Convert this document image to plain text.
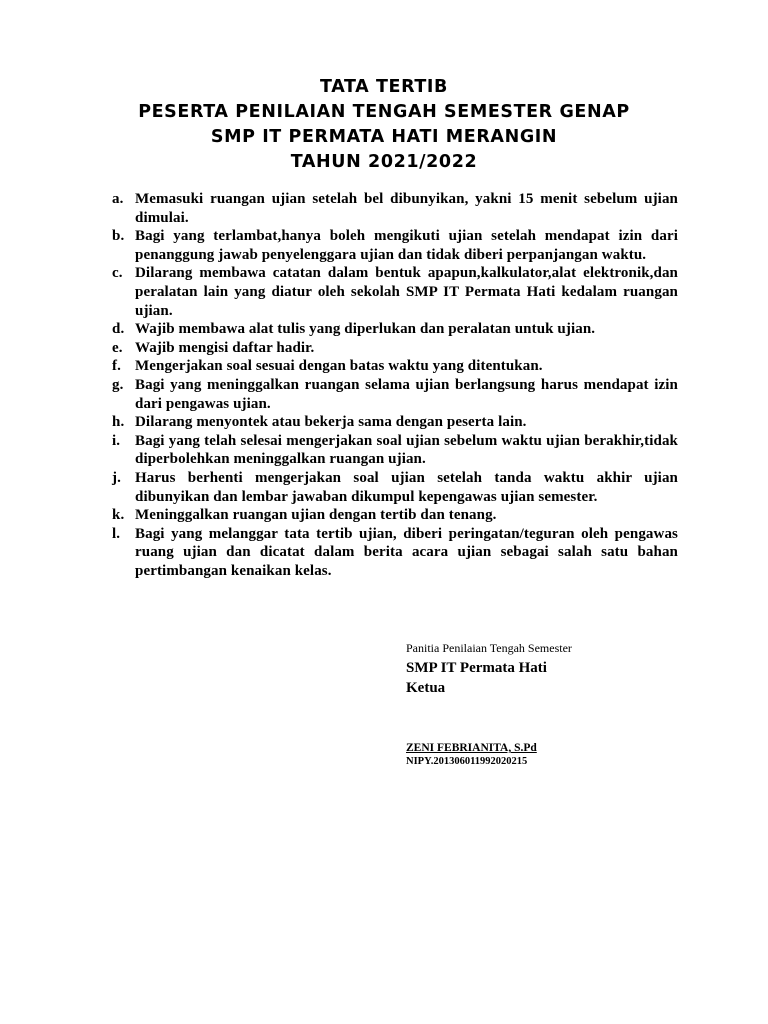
TATA TERTIB
PESERTA PENILAIAN TENGAH SEMESTER GENAP
SMP IT PERMATA HATI MERANGIN
TAHUN 2021/2022
a. Memasuki ruangan ujian setelah bel dibunyikan, yakni 15 menit sebelum ujian dimulai.
b. Bagi yang terlambat,hanya boleh mengikuti ujian setelah mendapat izin dari penanggung jawab penyelenggara ujian dan tidak diberi perpanjangan waktu.
c. Dilarang membawa catatan dalam bentuk apapun,kalkulator,alat elektronik,dan peralatan lain yang diatur oleh sekolah SMP IT Permata Hati kedalam ruangan ujian.
d. Wajib membawa alat tulis yang diperlukan dan peralatan untuk ujian.
e. Wajib mengisi daftar hadir.
f. Mengerjakan soal sesuai dengan batas waktu yang ditentukan.
g. Bagi yang meninggalkan ruangan selama ujian berlangsung harus mendapat izin dari pengawas ujian.
h. Dilarang menyontek atau bekerja sama dengan peserta lain.
i. Bagi yang telah selesai mengerjakan soal ujian sebelum waktu ujian berakhir,tidak diperbolehkan meninggalkan ruangan ujian.
j. Harus berhenti mengerjakan soal ujian setelah tanda waktu akhir ujian dibunyikan dan lembar jawaban dikumpul kepengawas ujian semester.
k. Meninggalkan ruangan ujian dengan tertib dan tenang.
l. Bagi yang melanggar tata tertib ujian, diberi peringatan/teguran oleh pengawas ruang ujian dan dicatat dalam berita acara ujian sebagai salah satu bahan pertimbangan kenaikan kelas.
Panitia Penilaian Tengah Semester
SMP IT Permata Hati
Ketua
ZENI FEBRIANITA, S.Pd
NIPY.201306011992020215
